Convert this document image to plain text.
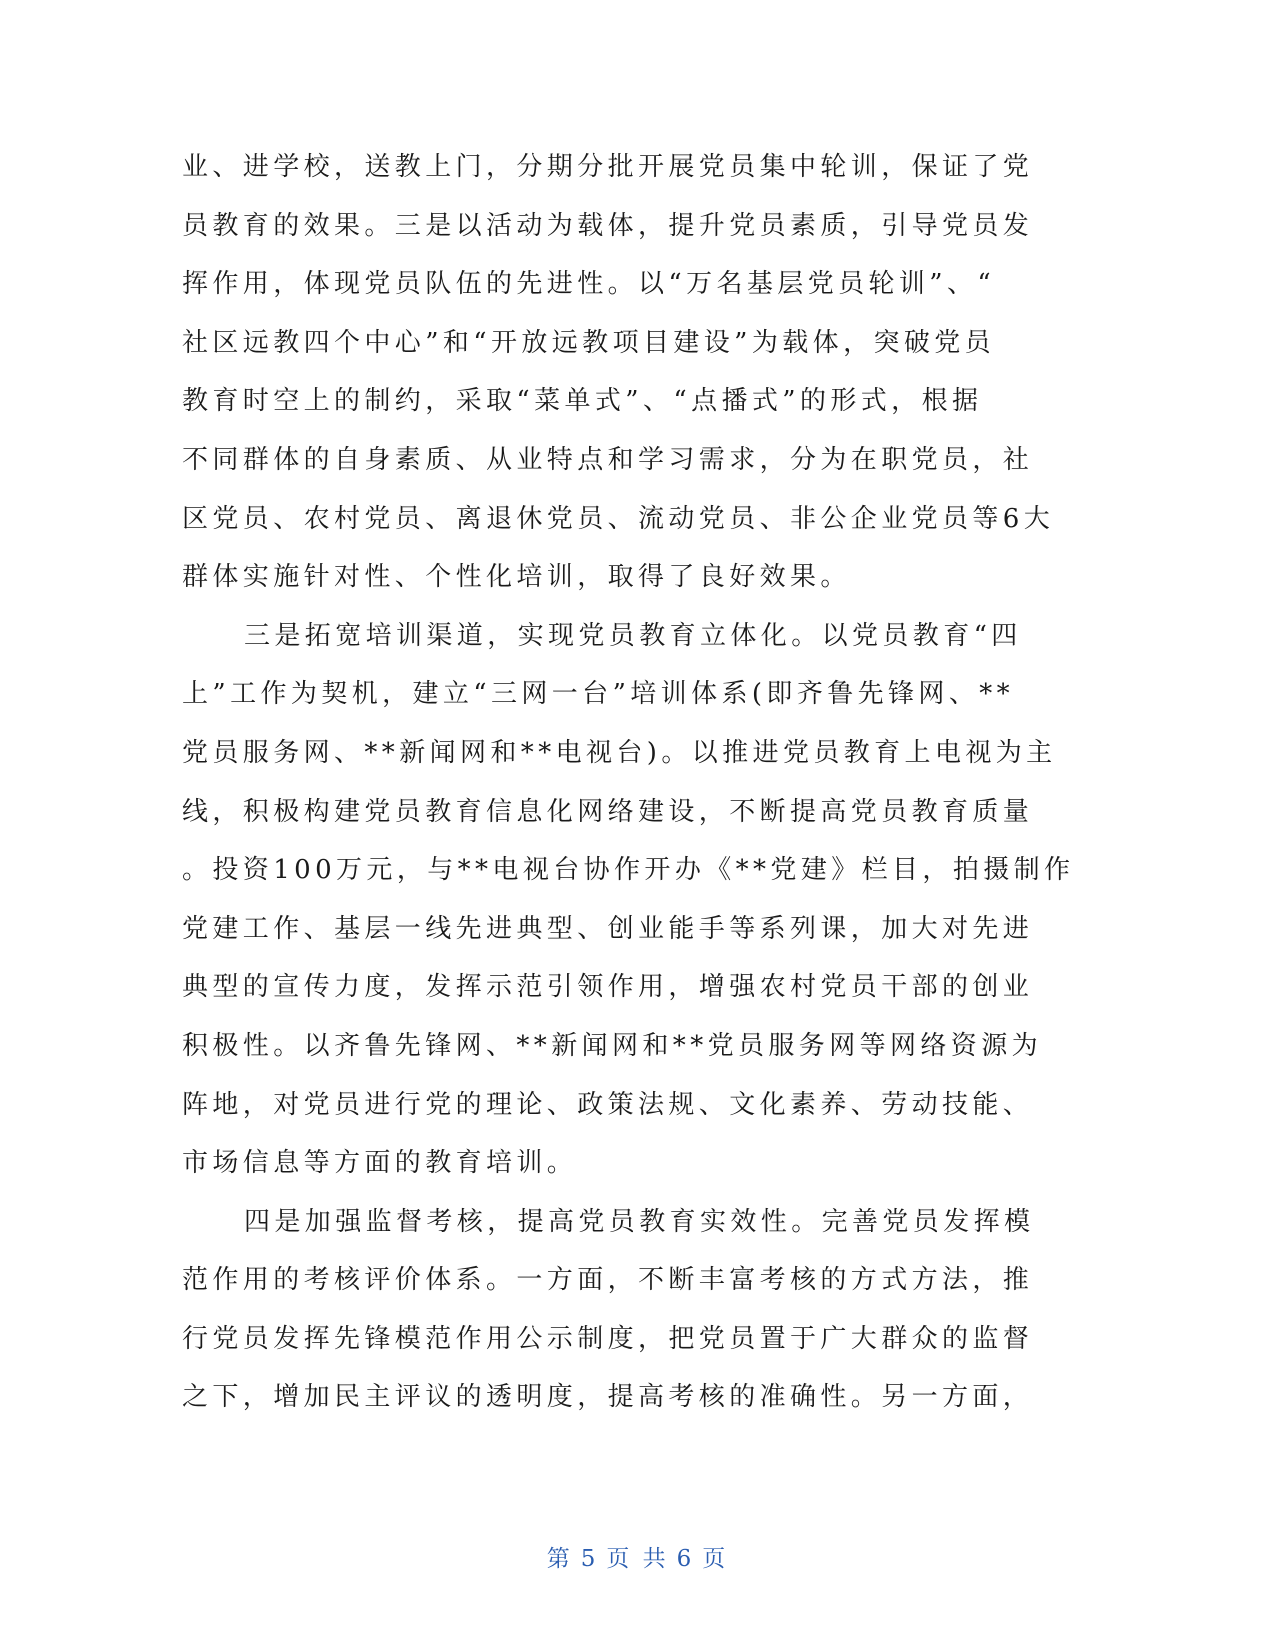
业、进学校，送教上门，分期分批开展党员集中轮训，保证了党
员教育的效果。三是以活动为载体，提升党员素质，引导党员发
挥作用，体现党员队伍的先进性。以“万名基层党员轮训”、“
社区远教四个中心”和“开放远教项目建设”为载体，突破党员
教育时空上的制约，采取“菜单式”、“点播式”的形式，根据
不同群体的自身素质、从业特点和学习需求，分为在职党员，社
区党员、农村党员、离退休党员、流动党员、非公企业党员等6大
群体实施针对性、个性化培训，取得了良好效果。
三是拓宽培训渠道，实现党员教育立体化。以党员教育“四
上”工作为契机，建立“三网一台”培训体系(即齐鲁先锋网、**
党员服务网、**新闻网和**电视台)。以推进党员教育上电视为主
线，积极构建党员教育信息化网络建设，不断提高党员教育质量
。投资100万元，与**电视台协作开办《**党建》栏目，拍摄制作
党建工作、基层一线先进典型、创业能手等系列课，加大对先进
典型的宣传力度，发挥示范引领作用，增强农村党员干部的创业
积极性。以齐鲁先锋网、**新闻网和**党员服务网等网络资源为
阵地，对党员进行党的理论、政策法规、文化素养、劳动技能、
市场信息等方面的教育培训。
四是加强监督考核，提高党员教育实效性。完善党员发挥模
范作用的考核评价体系。一方面，不断丰富考核的方式方法，推
行党员发挥先锋模范作用公示制度，把党员置于广大群众的监督
之下，增加民主评议的透明度，提高考核的准确性。另一方面，
第 5 页 共 6 页
